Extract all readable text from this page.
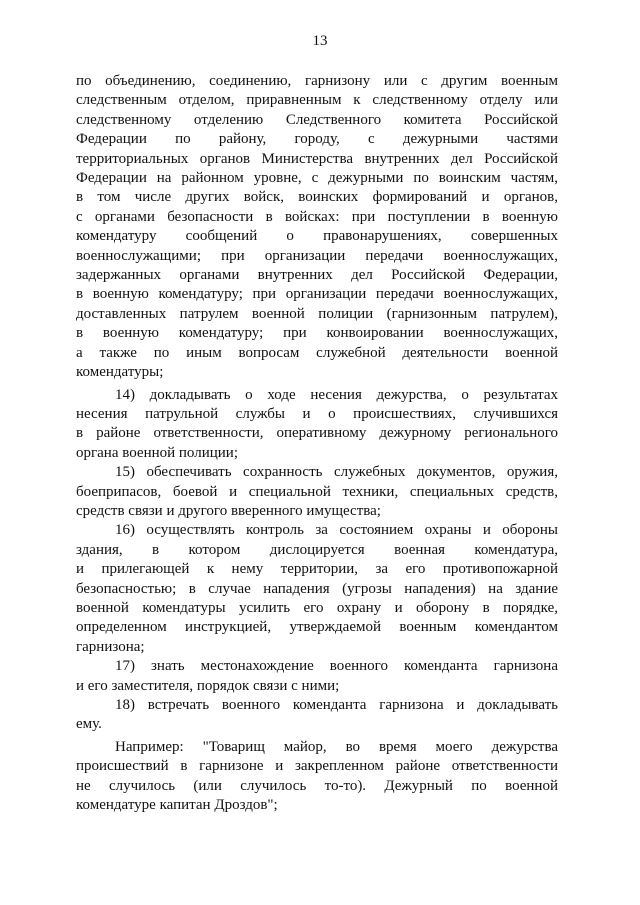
13
по объединению, соединению, гарнизону или с другим военным
следственным отделом, приравненным к следственному отделу или
следственному отделению Следственного комитета Российской
Федерации по району, городу, с дежурными частями
территориальных органов Министерства внутренних дел Российской
Федерации на районном уровне, с дежурными по воинским частям,
в том числе других войск, воинских формирований и органов,
с органами безопасности в войсках: при поступлении в военную
комендатуру сообщений о правонарушениях, совершенных
военнослужащими; при организации передачи военнослужащих,
задержанных органами внутренних дел Российской Федерации,
в военную комендатуру; при организации передачи военнослужащих,
доставленных патрулем военной полиции (гарнизонным патрулем),
в военную комендатуру; при конвоировании военнослужащих,
а также по иным вопросам служебной деятельности военной
комендатуры;
14) докладывать о ходе несения дежурства, о результатах
несения патрульной службы и о происшествиях, случившихся
в районе ответственности, оперативному дежурному регионального
органа военной полиции;
15) обеспечивать сохранность служебных документов, оружия,
боеприпасов, боевой и специальной техники, специальных средств,
средств связи и другого вверенного имущества;
16) осуществлять контроль за состоянием охраны и обороны
здания, в котором дислоцируется военная комендатура,
и прилегающей к нему территории, за его противопожарной
безопасностью; в случае нападения (угрозы нападения) на здание
военной комендатуры усилить его охрану и оборону в порядке,
определенном инструкцией, утверждаемой военным комендантом
гарнизона;
17) знать местонахождение военного коменданта гарнизона
и его заместителя, порядок связи с ними;
18) встречать военного коменданта гарнизона и докладывать
ему.
Например: "Товарищ майор, во время моего дежурства
происшествий в гарнизоне и закрепленном районе ответственности
не случилось (или случилось то-то). Дежурный по военной
комендатуре капитан Дроздов";
